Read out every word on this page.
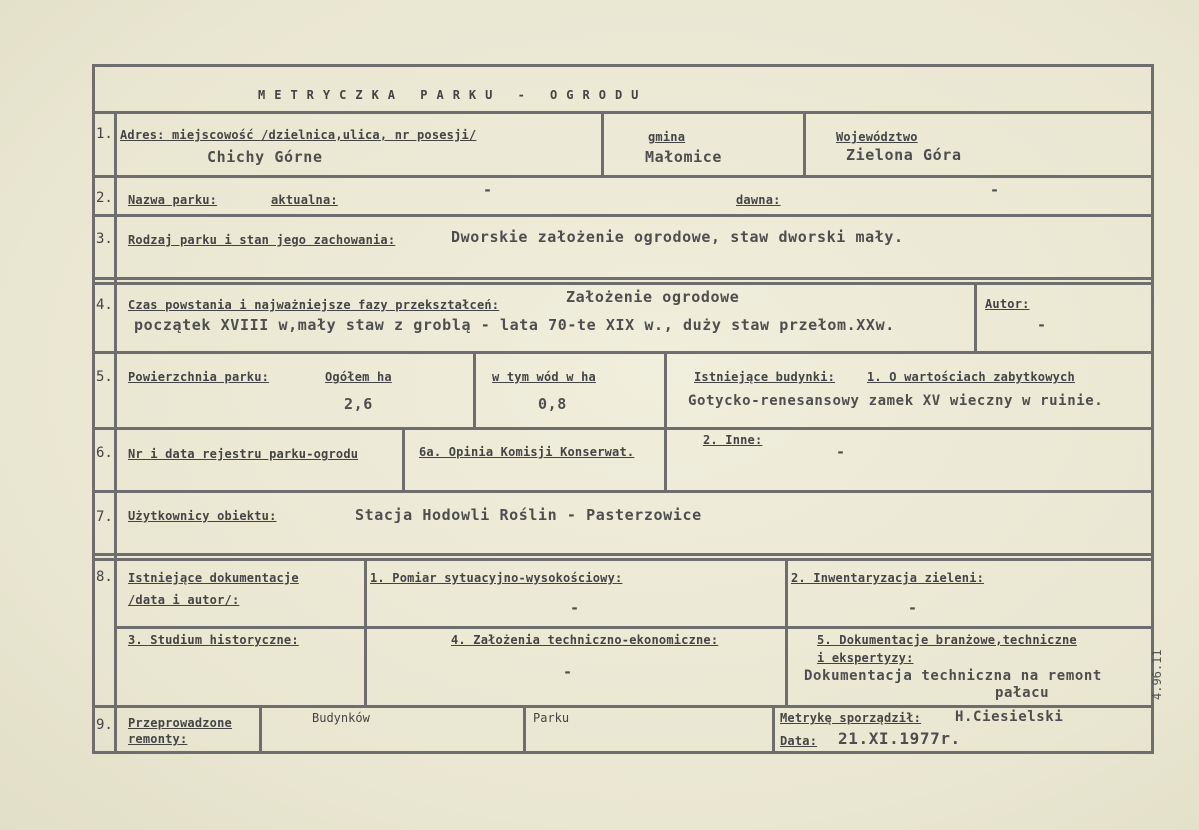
METRYCZKA PARKU - OGRODU
1. Adres: miejscowość /dzielnica,ulica, nr posesji/
Chichy Górne
gmina
Małomice
Województwo
Zielona Góra
2. Nazwa parku:	aktualna:
-
dawna:
-
3. Rodzaj parku i stan jego zachowania:	Dworskie założenie ogrodowe, staw dworski mały.
4. Czas powstania i najważniejsze fazy przekształceń:	Założenie ogrodowe
początek XVIII w,mały staw z groblą - lata 70-te XIX w., duży staw przełom.XXw.
Autor:
-
5. Powierzchnia parku:	Ogółem ha
2,6
w tym wód w ha
0,8
Istniejące budynki:	1. O wartościach zabytkowych
Gotycko-renesansowy zamek XV wieczny w ruinie.
6. Nr i data rejestru parku-ogrodu	6a. Opinia Komisji Konserwat.
2. Inne:
-
7. Użytkownicy obiektu:	Stacja Hodowli Roślin - Pasterzowice
8. Istniejące dokumentacje
/data i autor/:
1. Pomiar sytuacyjno-wysokościowy:
-
2. Inwentaryzacja zieleni:
-
3. Studium historyczne:	4. Założenia techniczno-ekonomiczne:
-
5. Dokumentacje branżowe,techniczne
i ekspertyzy:
Dokumentacja techniczna na remont
pałacu
9. Przeprowadzone
remonty:
Budynków	Parku	Metrykę sporządził: H.Ciesielski
Data: 21.XI.1977r.
4.96.11
